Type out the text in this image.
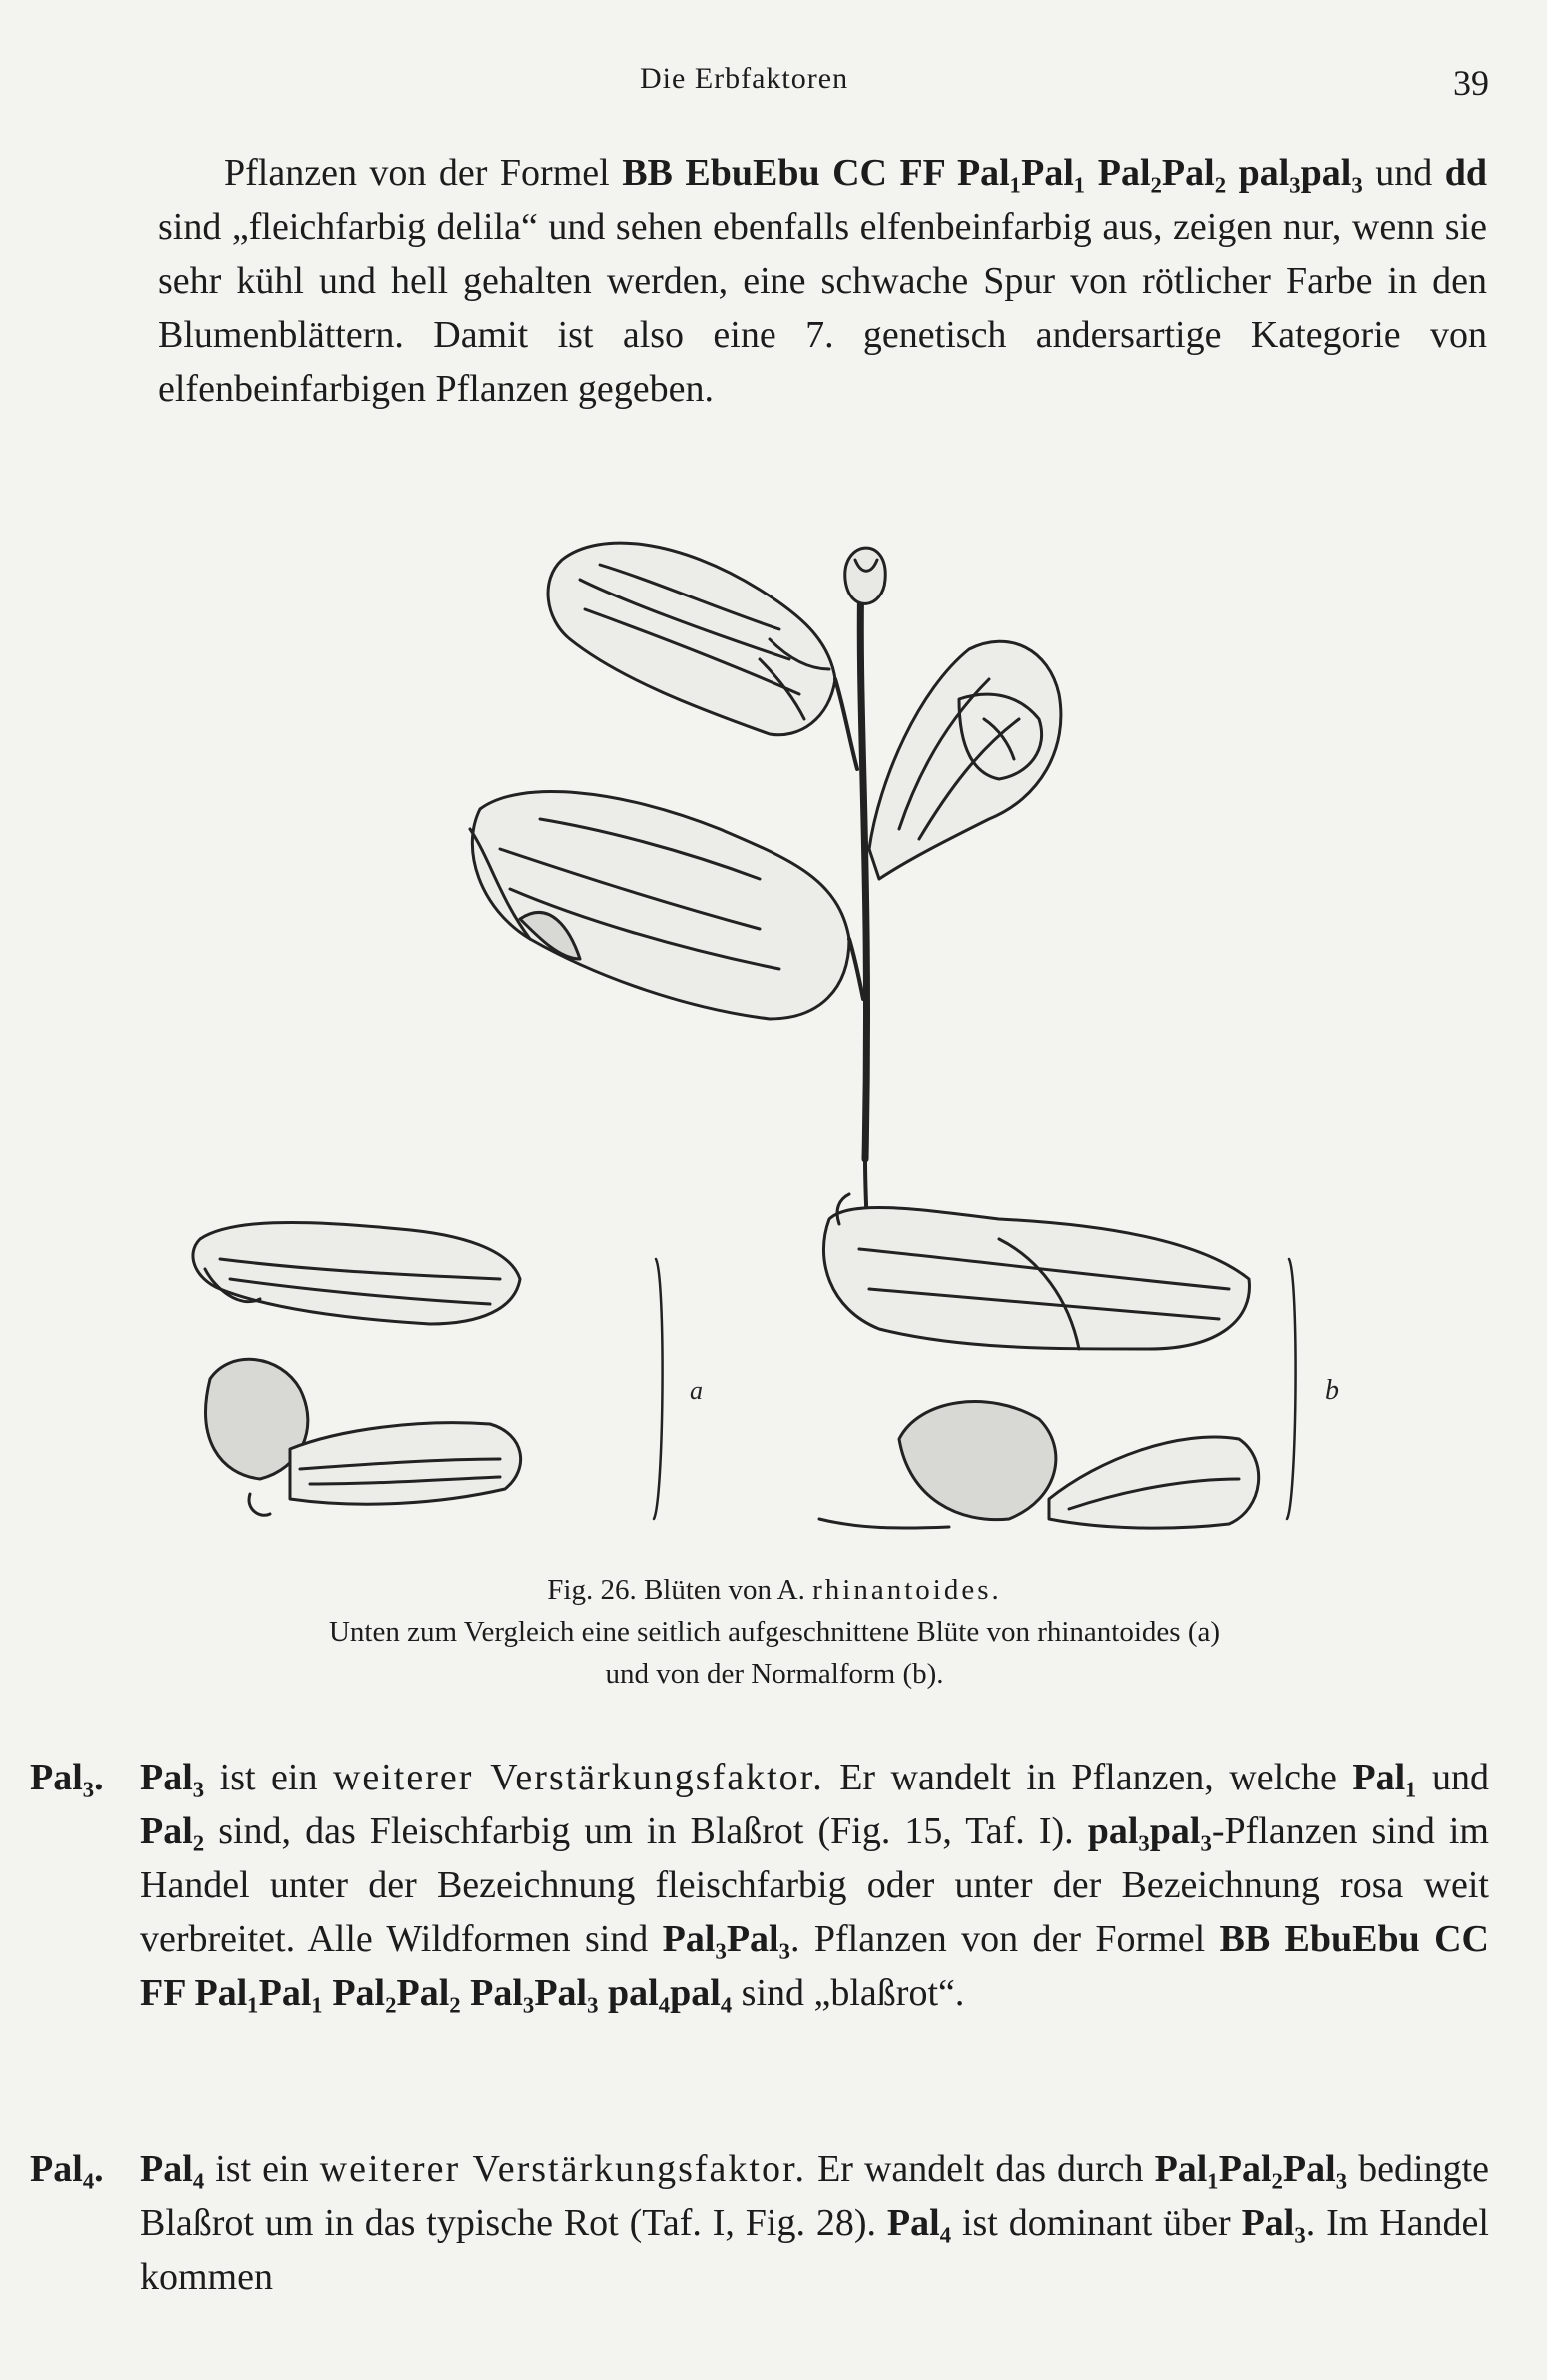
Die Erbfaktoren	39

Pflanzen von der Formel BB EbuEbu CC FF Pal₁Pal₁ Pal₂Pal₂ pal₃pal₃ und dd sind „fleichfarbig delila“ und sehen ebenfalls elfenbeinfarbig aus, zeigen nur, wenn sie sehr kühl und hell gehalten werden, eine schwache Spur von rötlicher Farbe in den Blumenblättern. Damit ist also eine 7. genetisch andersartige Kategorie von elfenbeinfarbigen Pflanzen gegeben.

a	b
Fig. 26. Blüten von A. rhinantoides.
Unten zum Vergleich eine seitlich aufgeschnittene Blüte von rhinantoides (a)
und von der Normalform (b).
Pal₃. Pal₃ ist ein weiterer Verstärkungsfaktor. Er wandelt in Pflanzen, welche Pal₁ und Pal₂ sind, das Fleischfarbig um in Blaßrot (Fig. 15, Taf. I). pal₃pal₃-Pflanzen sind im Handel unter der Bezeichnung fleischfarbig oder unter der Bezeichnung rosa weit verbreitet. Alle Wildformen sind Pal₃Pal₃. Pflanzen von der Formel BB EbuEbu CC FF Pal₁Pal₁ Pal₂Pal₂ Pal₃Pal₃ pal₄pal₄ sind „blaßrot“.
Pal₄. Pal₄ ist ein weiterer Verstärkungsfaktor. Er wandelt das durch Pal₁Pal₂Pal₃ bedingte Blaßrot um in das typische Rot (Taf. I, Fig. 28). Pal₄ ist dominant über Pal₃. Im Handel kommen
